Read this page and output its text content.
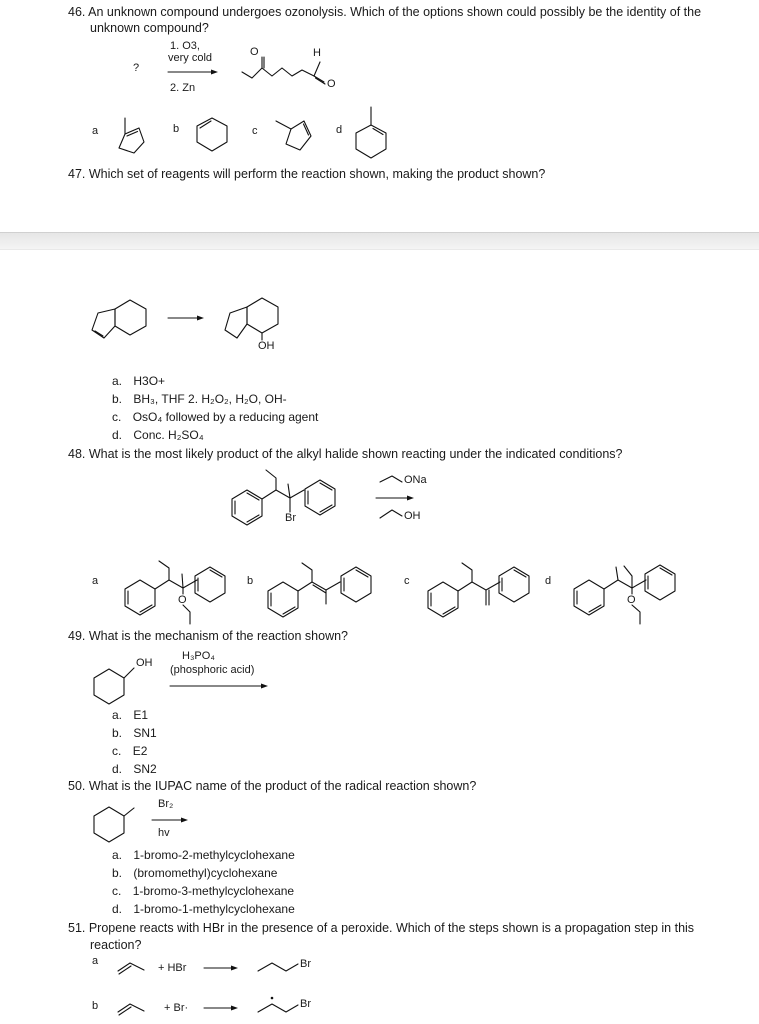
46. An unknown compound undergoes ozonolysis. Which of the options shown could possibly be the identity of the
unknown compound?
?
1. O3,
very cold
2. Zn
O	H
O
a	b	c	d
47. Which set of reagents will perform the reaction shown, making the product shown?
OH
a. H3O+
b. BH₃, THF 2. H₂O₂, H₂O, OH-
c. OsO₄ followed by a reducing agent
d. Conc. H₂SO₄
48. What is the most likely product of the alkyl halide shown reacting under the indicated conditions?
Br
ONa
OH
O	O
a	b	c	d
49. What is the mechanism of the reaction shown?
OH
H₃PO₄
(phosphoric acid)
a. E1
b. SN1
c. E2
d. SN2
50. What is the IUPAC name of the product of the radical reaction shown?
Br₂
hv
a. 1-bromo-2-methylcyclohexane
b. (bromomethyl)cyclohexane
c. 1-bromo-3-methylcyclohexane
d. 1-bromo-1-methylcyclohexane
51. Propene reacts with HBr in the presence of a peroxide. Which of the steps shown is a propagation step in this
reaction?
a
+ HBr	Br
b	+ Br·	Br
